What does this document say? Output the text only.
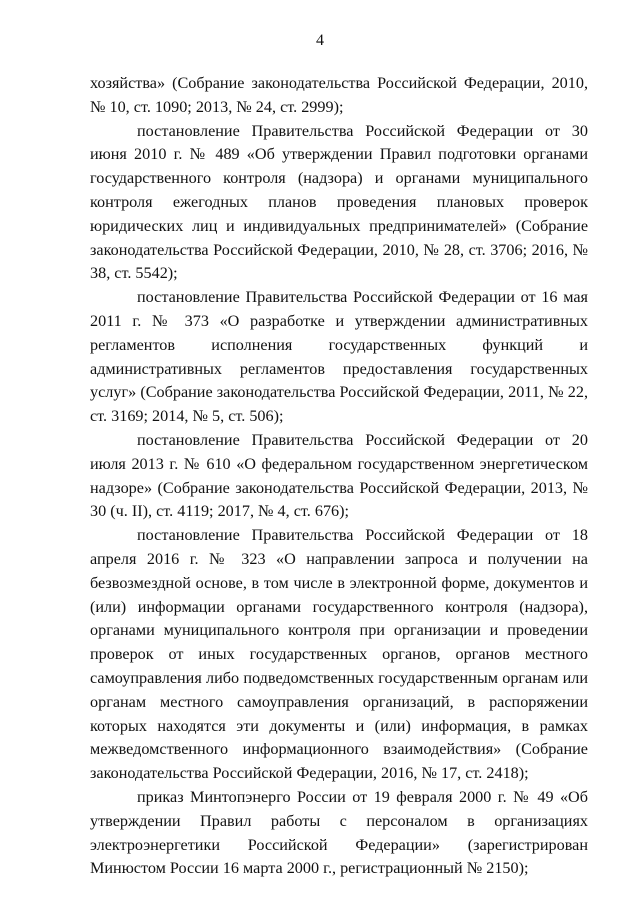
4

хозяйства» (Собрание законодательства Российской Федерации, 2010, № 10, ст. 1090; 2013, № 24, ст. 2999);

постановление Правительства Российской Федерации от 30 июня 2010 г. № 489 «Об утверждении Правил подготовки органами государственного контроля (надзора) и органами муниципального контроля ежегодных планов проведения плановых проверок юридических лиц и индивидуальных предпринимателей» (Собрание законодательства Российской Федерации, 2010, № 28, ст. 3706; 2016, № 38, ст. 5542);

постановление Правительства Российской Федерации от 16 мая 2011 г. № 373 «О разработке и утверждении административных регламентов исполнения государственных функций и административных регламентов предоставления государственных услуг» (Собрание законодательства Российской Федерации, 2011, № 22, ст. 3169; 2014, № 5, ст. 506);

постановление Правительства Российской Федерации от 20 июля 2013 г. № 610 «О федеральном государственном энергетическом надзоре» (Собрание законодательства Российской Федерации, 2013, № 30 (ч. II), ст. 4119; 2017, № 4, ст. 676);

постановление Правительства Российской Федерации от 18 апреля 2016 г. № 323 «О направлении запроса и получении на безвозмездной основе, в том числе в электронной форме, документов и (или) информации органами государственного контроля (надзора), органами муниципального контроля при организации и проведении проверок от иных государственных органов, органов местного самоуправления либо подведомственных государственным органам или органам местного самоуправления организаций, в распоряжении которых находятся эти документы и (или) информация, в рамках межведомственного информационного взаимодействия» (Собрание законодательства Российской Федерации, 2016, № 17, ст. 2418);

приказ Минтопэнерго России от 19 февраля 2000 г. № 49 «Об утверждении Правил работы с персоналом в организациях электроэнергетики Российской Федерации» (зарегистрирован Минюстом России 16 марта 2000 г., регистрационный № 2150);
